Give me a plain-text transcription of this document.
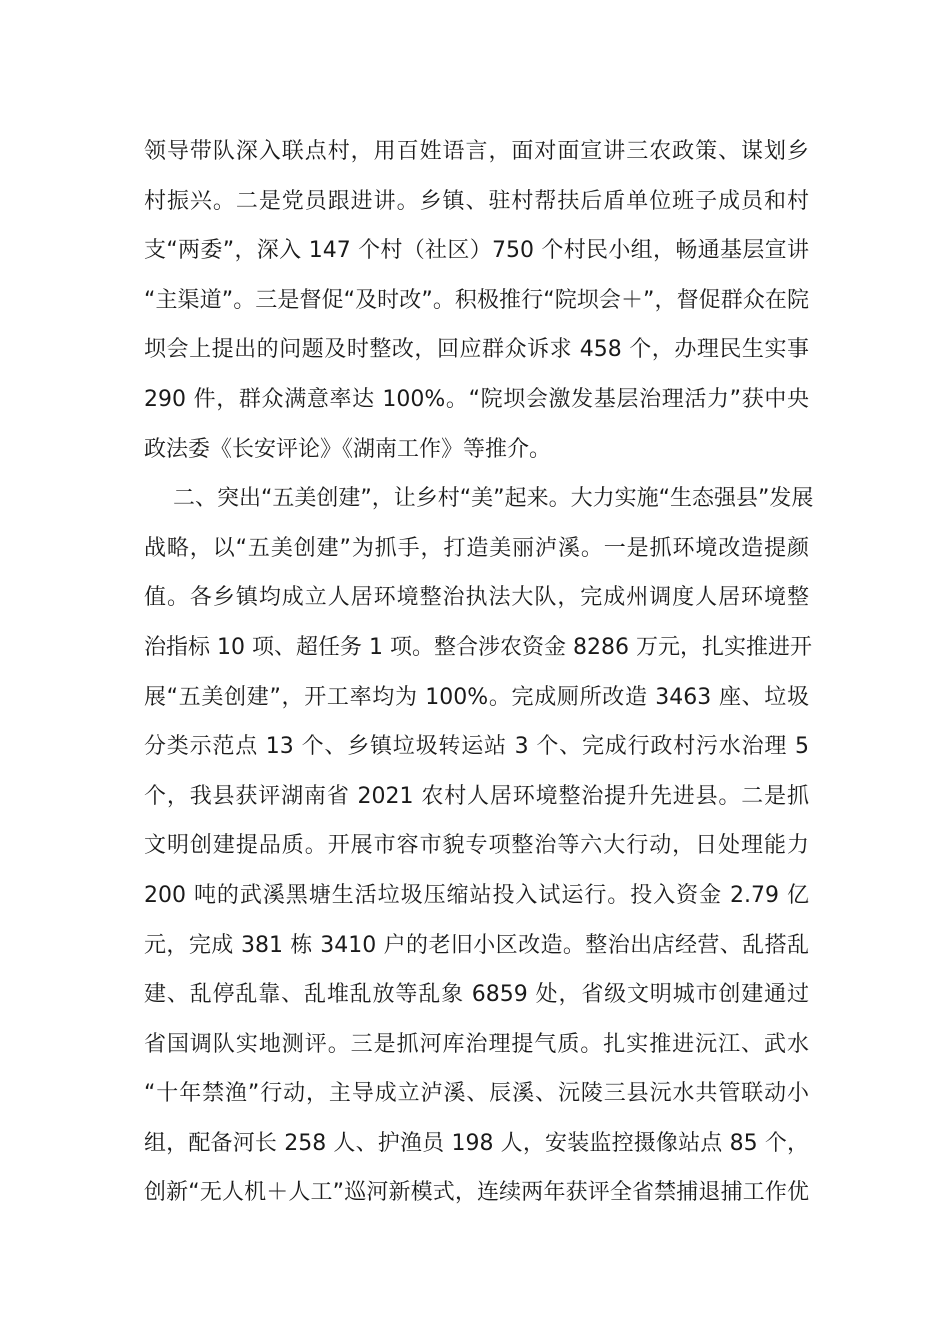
领导带队深入联点村，用百姓语言，面对面宣讲三农政策、谋划乡
村振兴。二是党员跟进讲。乡镇、驻村帮扶后盾单位班子成员和村
支“两委”，深入 147 个村（社区）750 个村民小组，畅通基层宣讲
“主渠道”。三是督促“及时改”。积极推行“院坝会＋”，督促群众在院
坝会上提出的问题及时整改，回应群众诉求 458 个，办理民生实事
290 件，群众满意率达 100%。“院坝会激发基层治理活力”获中央
政法委《长安评论》《湖南工作》等推介。
　 二、突出“五美创建”，让乡村“美”起来。大力实施“生态强县”发展
战略，以“五美创建”为抓手，打造美丽泸溪。一是抓环境改造提颜
值。各乡镇均成立人居环境整治执法大队，完成州调度人居环境整
治指标 10 项、超任务 1 项。整合涉农资金 8286 万元，扎实推进开
展“五美创建”，开工率均为 100%。完成厕所改造 3463 座、垃圾
分类示范点 13 个、乡镇垃圾转运站 3 个、完成行政村污水治理 5
个，我县获评湖南省 2021 农村人居环境整治提升先进县。二是抓
文明创建提品质。开展市容市貌专项整治等六大行动，日处理能力
200 吨的武溪黑塘生活垃圾压缩站投入试运行。投入资金 2.79 亿
元，完成 381 栋 3410 户的老旧小区改造。整治出店经营、乱搭乱
建、乱停乱靠、乱堆乱放等乱象 6859 处，省级文明城市创建通过
省国调队实地测评。三是抓河库治理提气质。扎实推进沅江、武水
“十年禁渔”行动，主导成立泸溪、辰溪、沅陵三县沅水共管联动小
组，配备河长 258 人、护渔员 198 人，安装监控摄像站点 85 个，
创新“无人机＋人工”巡河新模式，连续两年获评全省禁捕退捕工作优
